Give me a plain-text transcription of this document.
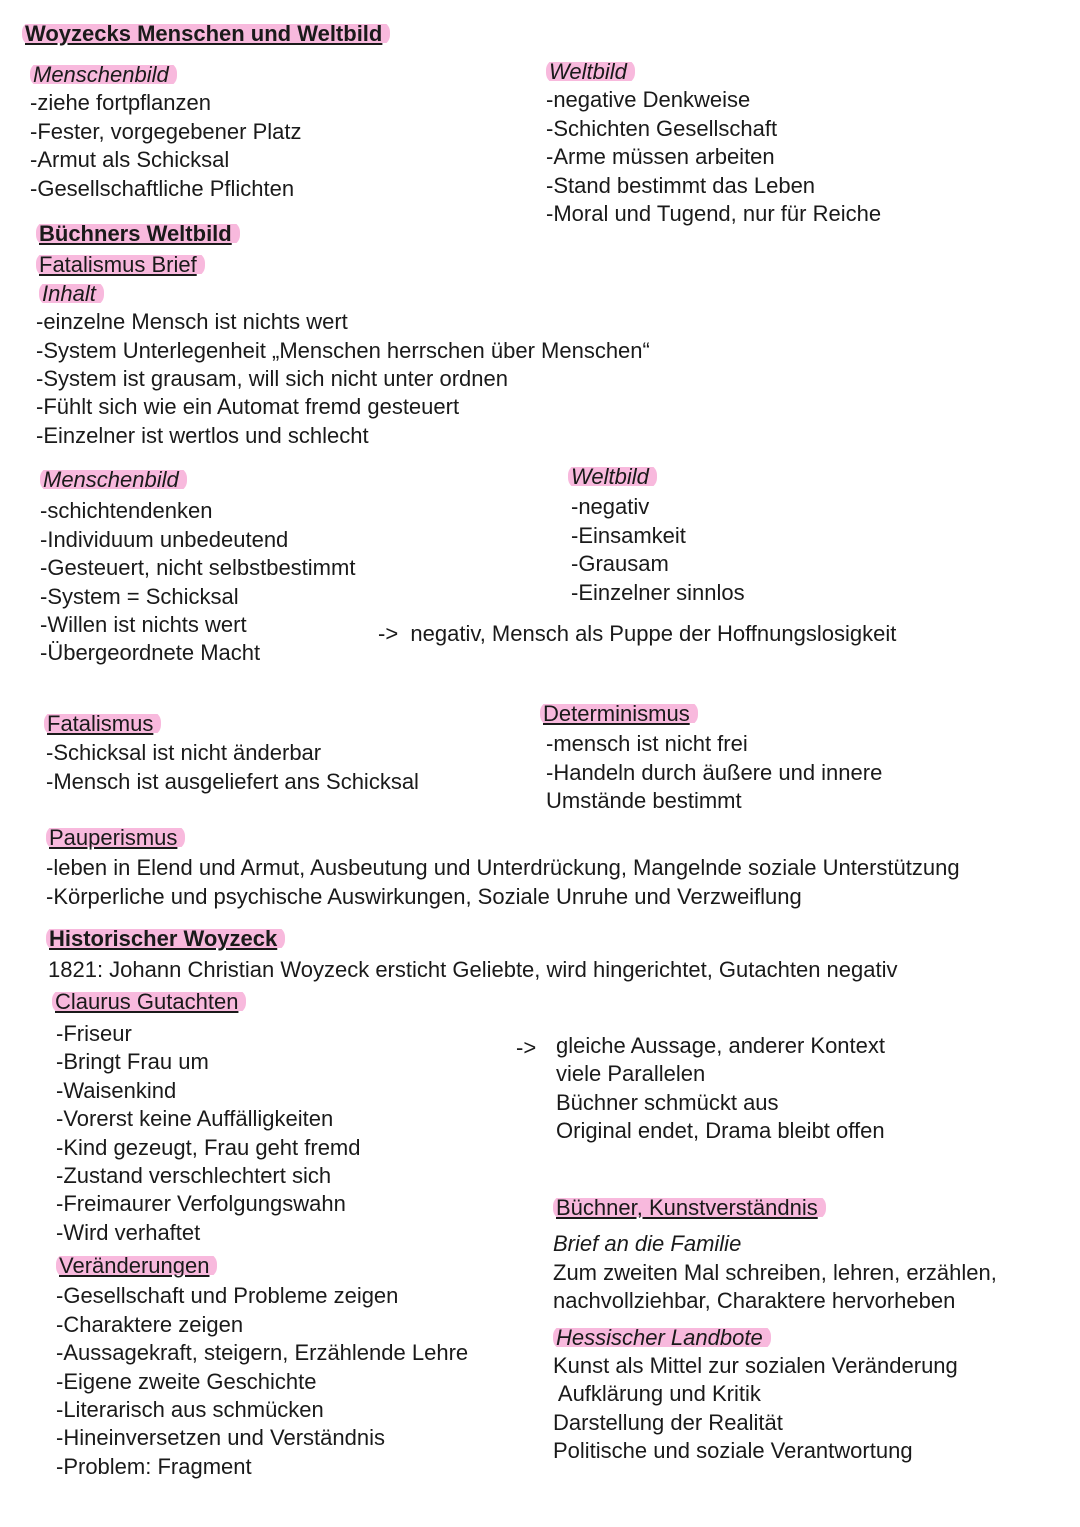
Woyzecks Menschen und Weltbild
Menschenbild
-ziehe fortpflanzen
-Fester, vorgegebener Platz
-Armut als Schicksal
-Gesellschaftliche Pflichten
Weltbild
-negative Denkweise
-Schichten Gesellschaft
-Arme müssen arbeiten
-Stand bestimmt das Leben
-Moral und Tugend, nur für Reiche
Büchners Weltbild
Fatalismus Brief
Inhalt
-einzelne Mensch ist nichts wert
-System Unterlegenheit „Menschen herrschen über Menschen“
-System ist grausam, will sich nicht unter ordnen
-Fühlt sich wie ein Automat fremd gesteuert
-Einzelner ist wertlos und schlecht
Menschenbild
-schichtendenken
-Individuum unbedeutend
-Gesteuert, nicht selbstbestimmt
-System = Schicksal
-Willen ist nichts wert
-Übergeordnete Macht
Weltbild
-negativ
-Einsamkeit
-Grausam
-Einzelner sinnlos
->  negativ, Mensch als Puppe der Hoffnungslosigkeit
Fatalismus
-Schicksal ist nicht änderbar
-Mensch ist ausgeliefert ans Schicksal
Determinismus
-mensch ist nicht frei
-Handeln durch äußere und innere
Umstände bestimmt
Pauperismus
-leben in Elend und Armut, Ausbeutung und Unterdrückung, Mangelnde soziale Unterstützung
-Körperliche und psychische Auswirkungen, Soziale Unruhe und Verzweiflung
Historischer Woyzeck
1821: Johann Christian Woyzeck ersticht Geliebte, wird hingerichtet, Gutachten negativ
Claurus Gutachten
-Friseur
-Bringt Frau um
-Waisenkind
-Vorerst keine Auffälligkeiten
-Kind gezeugt, Frau geht fremd
-Zustand verschlechtert sich
-Freimaurer Verfolgungswahn
-Wird verhaftet
-> gleiche Aussage, anderer Kontext
viele Parallelen
Büchner schmückt aus
Original endet, Drama bleibt offen
Veränderungen
-Gesellschaft und Probleme zeigen
-Charaktere zeigen
-Aussagekraft, steigern, Erzählende Lehre
-Eigene zweite Geschichte
-Literarisch aus schmücken
-Hineinversetzen und Verständnis
-Problem: Fragment
Büchner, Kunstverständnis
Brief an die Familie
Zum zweiten Mal schreiben, lehren, erzählen,
nachvollziehbar, Charaktere hervorheben
Hessischer Landbote
Kunst als Mittel zur sozialen Veränderung
Aufklärung und Kritik
Darstellung der Realität
Politische und soziale Verantwortung
